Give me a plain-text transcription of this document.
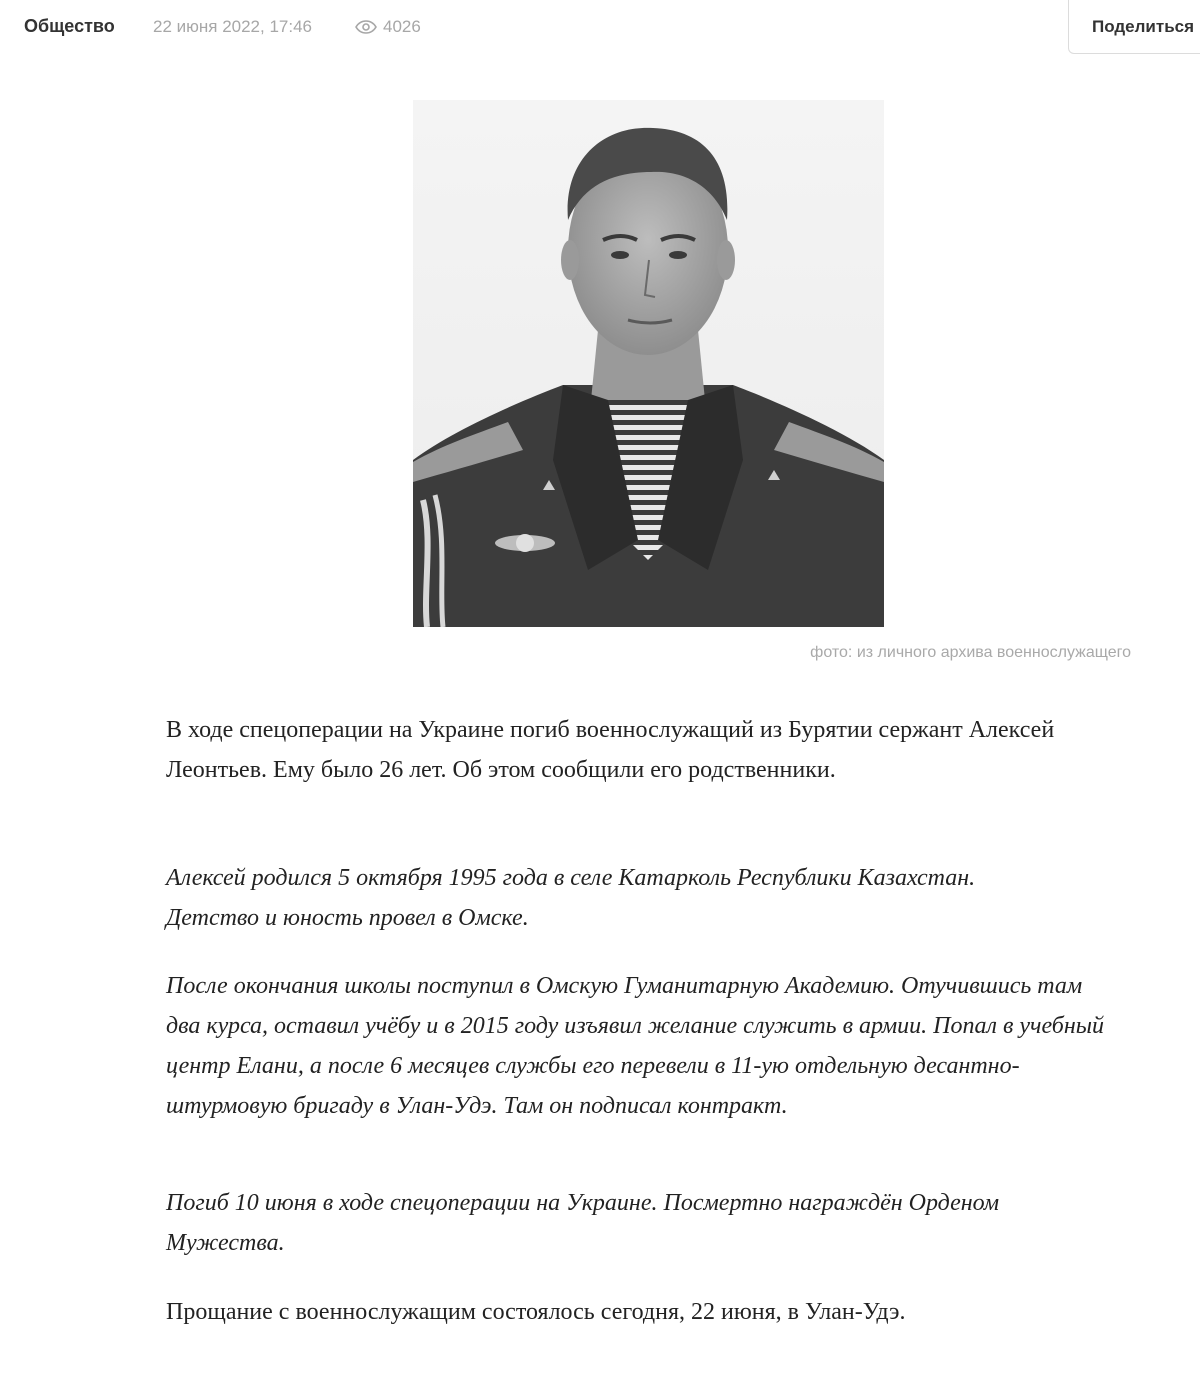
Общество 22 июня 2022, 17:46	4026	Поделиться
фото: из личного архива военнослужащего

В ходе спецоперации на Украине погиб военнослужащий из Бурятии сержант Алексей Леонтьев. Ему было 26 лет. Об этом сообщили его родственники.

Алексей родился 5 октября 1995 года в селе Катарколь Республики Казахстан. Детство и юность провел в Омске.

После окончания школы поступил в Омскую Гуманитарную Академию. Отучившись там два курса, оставил учёбу и в 2015 году изъявил желание служить в армии. Попал в учебный центр Елани, а после 6 месяцев службы его перевели в 11-ую отдельную десантно-штурмовую бригаду в Улан-Удэ. Там он подписал контракт.

Погиб 10 июня в ходе спецоперации на Украине. Посмертно награждён Орденом Мужества.

Прощание с военнослужащим состоялось сегодня, 22 июня, в Улан-Удэ.
